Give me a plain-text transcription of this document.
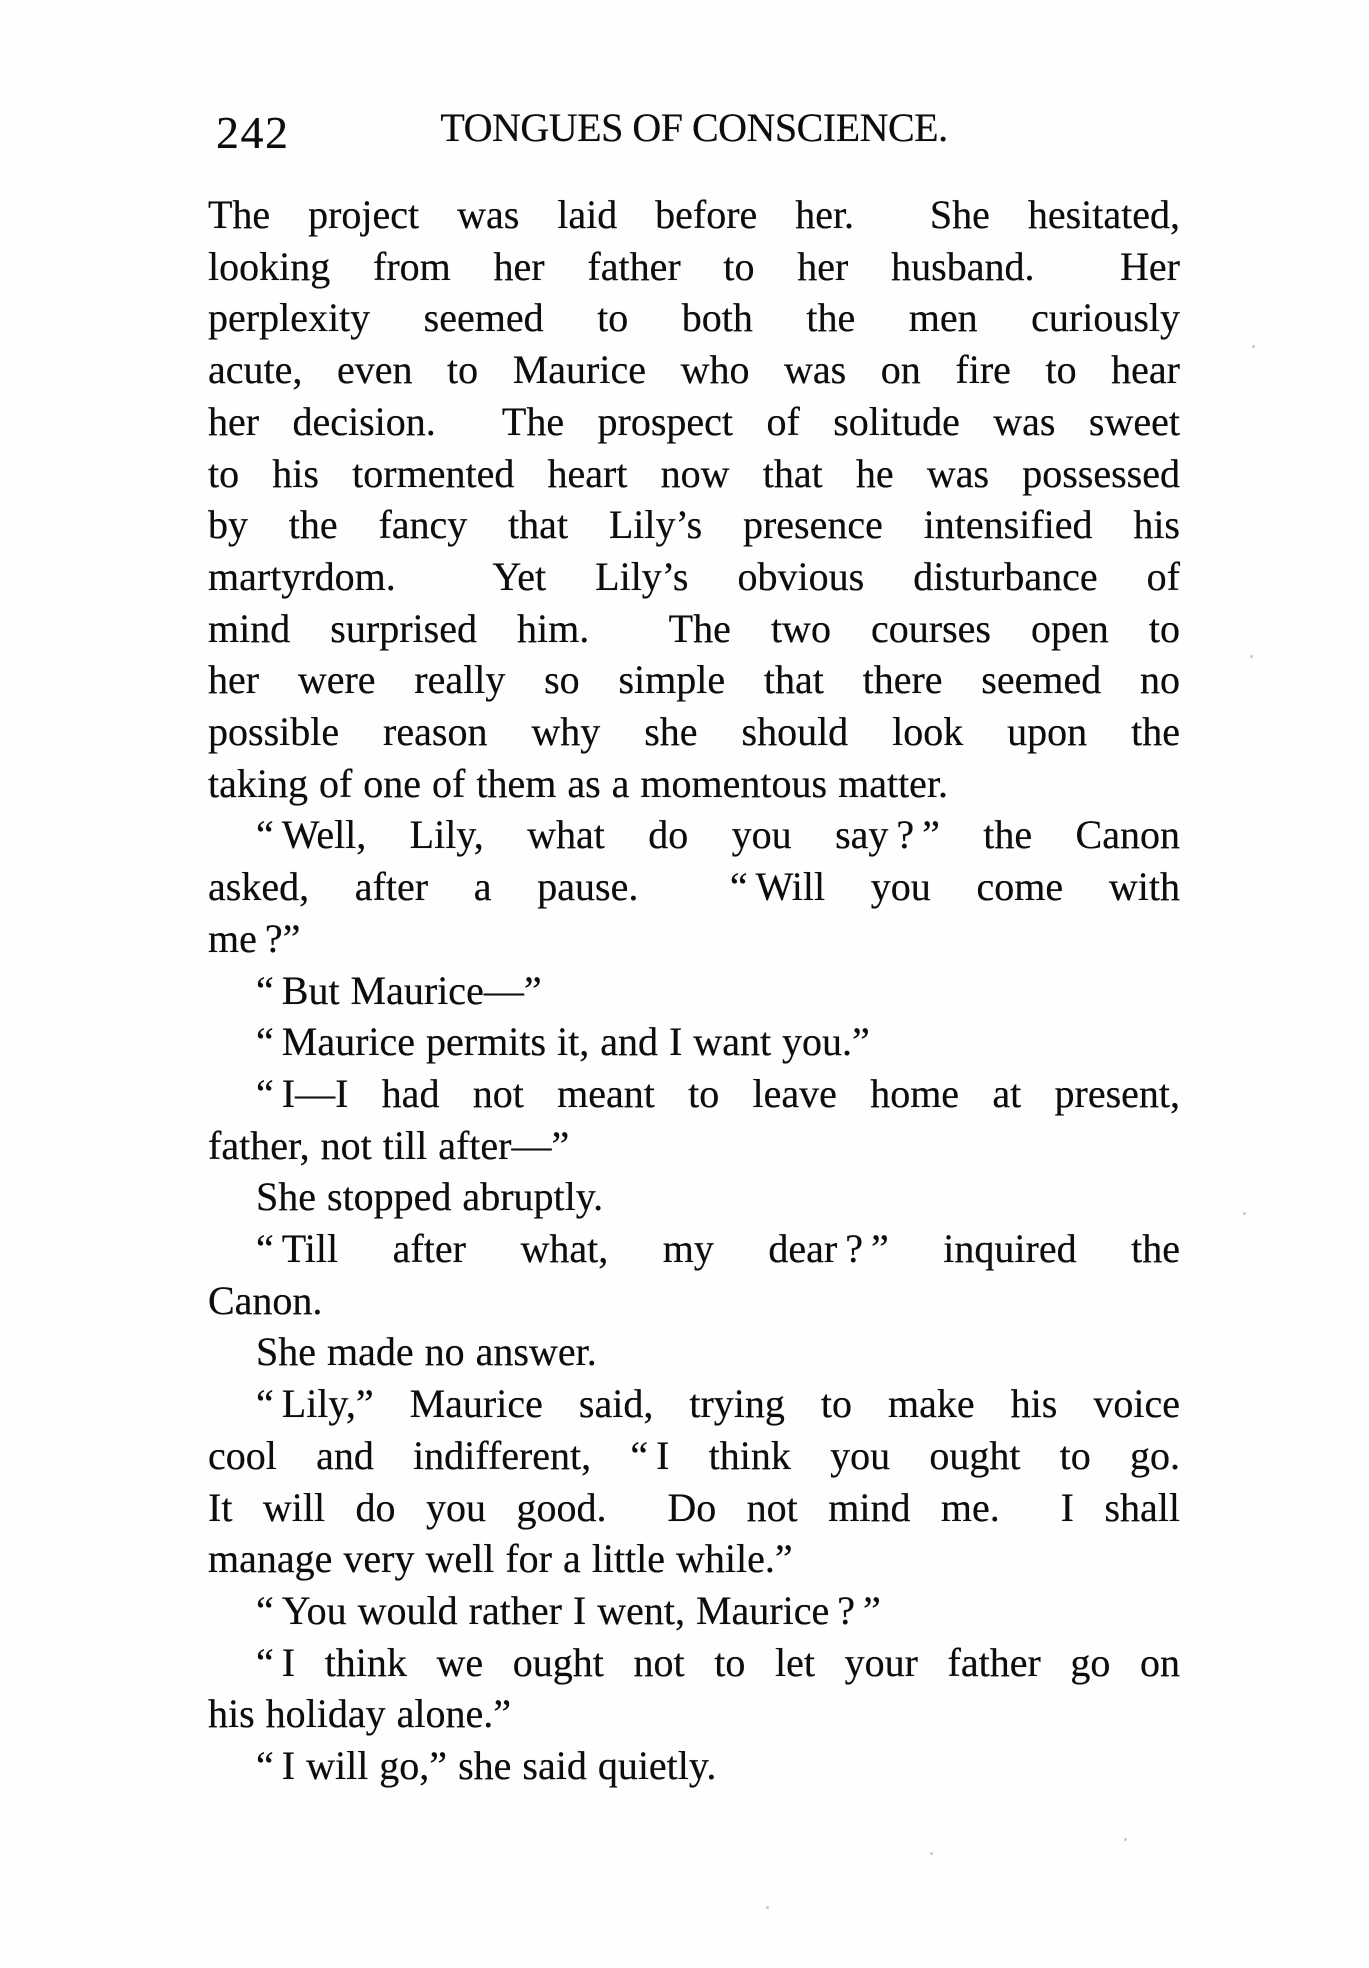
242	TONGUES OF CONSCIENCE.
The project was laid before her.  She hesitated,
looking from her father to her husband.  Her
perplexity seemed to both the men curiously
acute, even to Maurice who was on fire to hear
her decision.  The prospect of solitude was sweet
to his tormented heart now that he was possessed
by the fancy that Lily’s presence intensified his
martyrdom.  Yet Lily’s obvious disturbance of
mind surprised him.  The two courses open to
her were really so simple that there seemed no
possible reason why she should look upon the
taking of one of them as a momentous matter.
“ Well, Lily, what do you say ? ” the Canon
asked, after a pause.  “ Will you come with
me ?”
“ But Maurice—”
“ Maurice permits it, and I want you.”
“ I—I had not meant to leave home at present,
father, not till after—”
She stopped abruptly.
“ Till after what, my dear ? ” inquired the
Canon.
She made no answer.
“ Lily,” Maurice said, trying to make his voice
cool and indifferent, “ I think you ought to go.
It will do you good.  Do not mind me.  I shall
manage very well for a little while.”
“ You would rather I went, Maurice ? ”
“ I think we ought not to let your father go on
his holiday alone.”
“ I will go,” she said quietly.
